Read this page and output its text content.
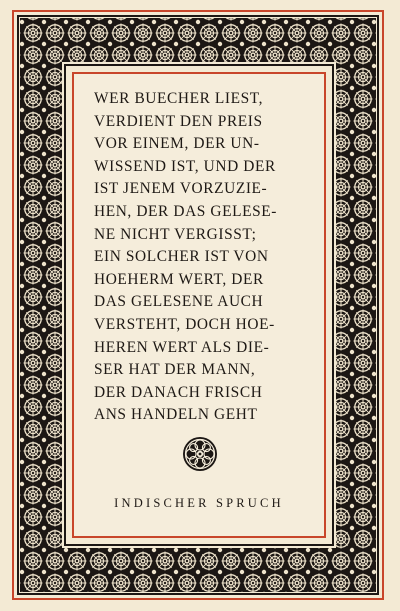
WER BUECHER LIEST,
VERDIENT DEN PREIS
VOR EINEM, DER UN-
WISSEND IST, UND DER
IST JENEM VORZUZIE-
HEN, DER DAS GELESE-
NE NICHT VERGISST;
EIN SOLCHER IST VON
HOEHERM WERT, DER
DAS GELESENE AUCH
VERSTEHT, DOCH HOE-
HEREN WERT ALS DIE-
SER HAT DER MANN,
DER DANACH FRISCH
ANS HANDELN GEHT
INDISCHER SPRUCH
